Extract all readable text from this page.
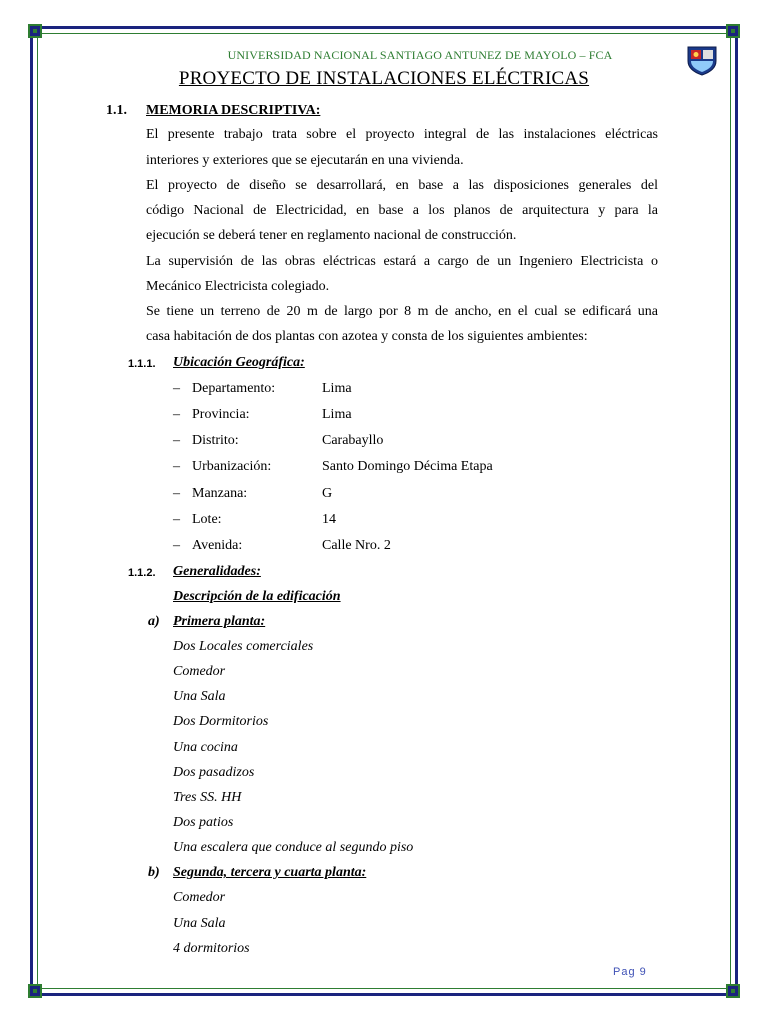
UNIVERSIDAD NACIONAL SANTIAGO ANTUNEZ DE MAYOLO – FCA
PROYECTO DE INSTALACIONES ELÉCTRICAS
1.1. MEMORIA DESCRIPTIVA:
El presente trabajo trata sobre el proyecto integral de las instalaciones eléctricas
interiores y exteriores que se ejecutarán en una vivienda.
El proyecto de diseño se desarrollará, en base a las disposiciones generales del
código Nacional de Electricidad, en base a los planos de arquitectura y para la
ejecución se deberá tener en reglamento nacional de construcción.
La supervisión de las obras eléctricas estará a cargo de un Ingeniero Electricista o
Mecánico Electricista colegiado.
Se tiene un terreno de 20 m de largo por 8 m de ancho, en el cual se edificará una
casa habitación de dos plantas con azotea y consta de los siguientes ambientes:
1.1.1. Ubicación Geográfica:
– Departamento:	Lima
– Provincia:	Lima
– Distrito:	Carabayllo
– Urbanización:	Santo Domingo Décima Etapa
– Manzana:	G
– Lote:	14
– Avenida:	Calle Nro. 2
1.1.2. Generalidades:
Descripción de la edificación
a) Primera planta:
Dos Locales comerciales
Comedor
Una Sala
Dos Dormitorios
Una cocina
Dos pasadizos
Tres SS. HH
Dos patios
Una escalera que conduce al segundo piso
b) Segunda, tercera y cuarta planta:
Comedor
Una Sala
4 dormitorios
Pag 9
